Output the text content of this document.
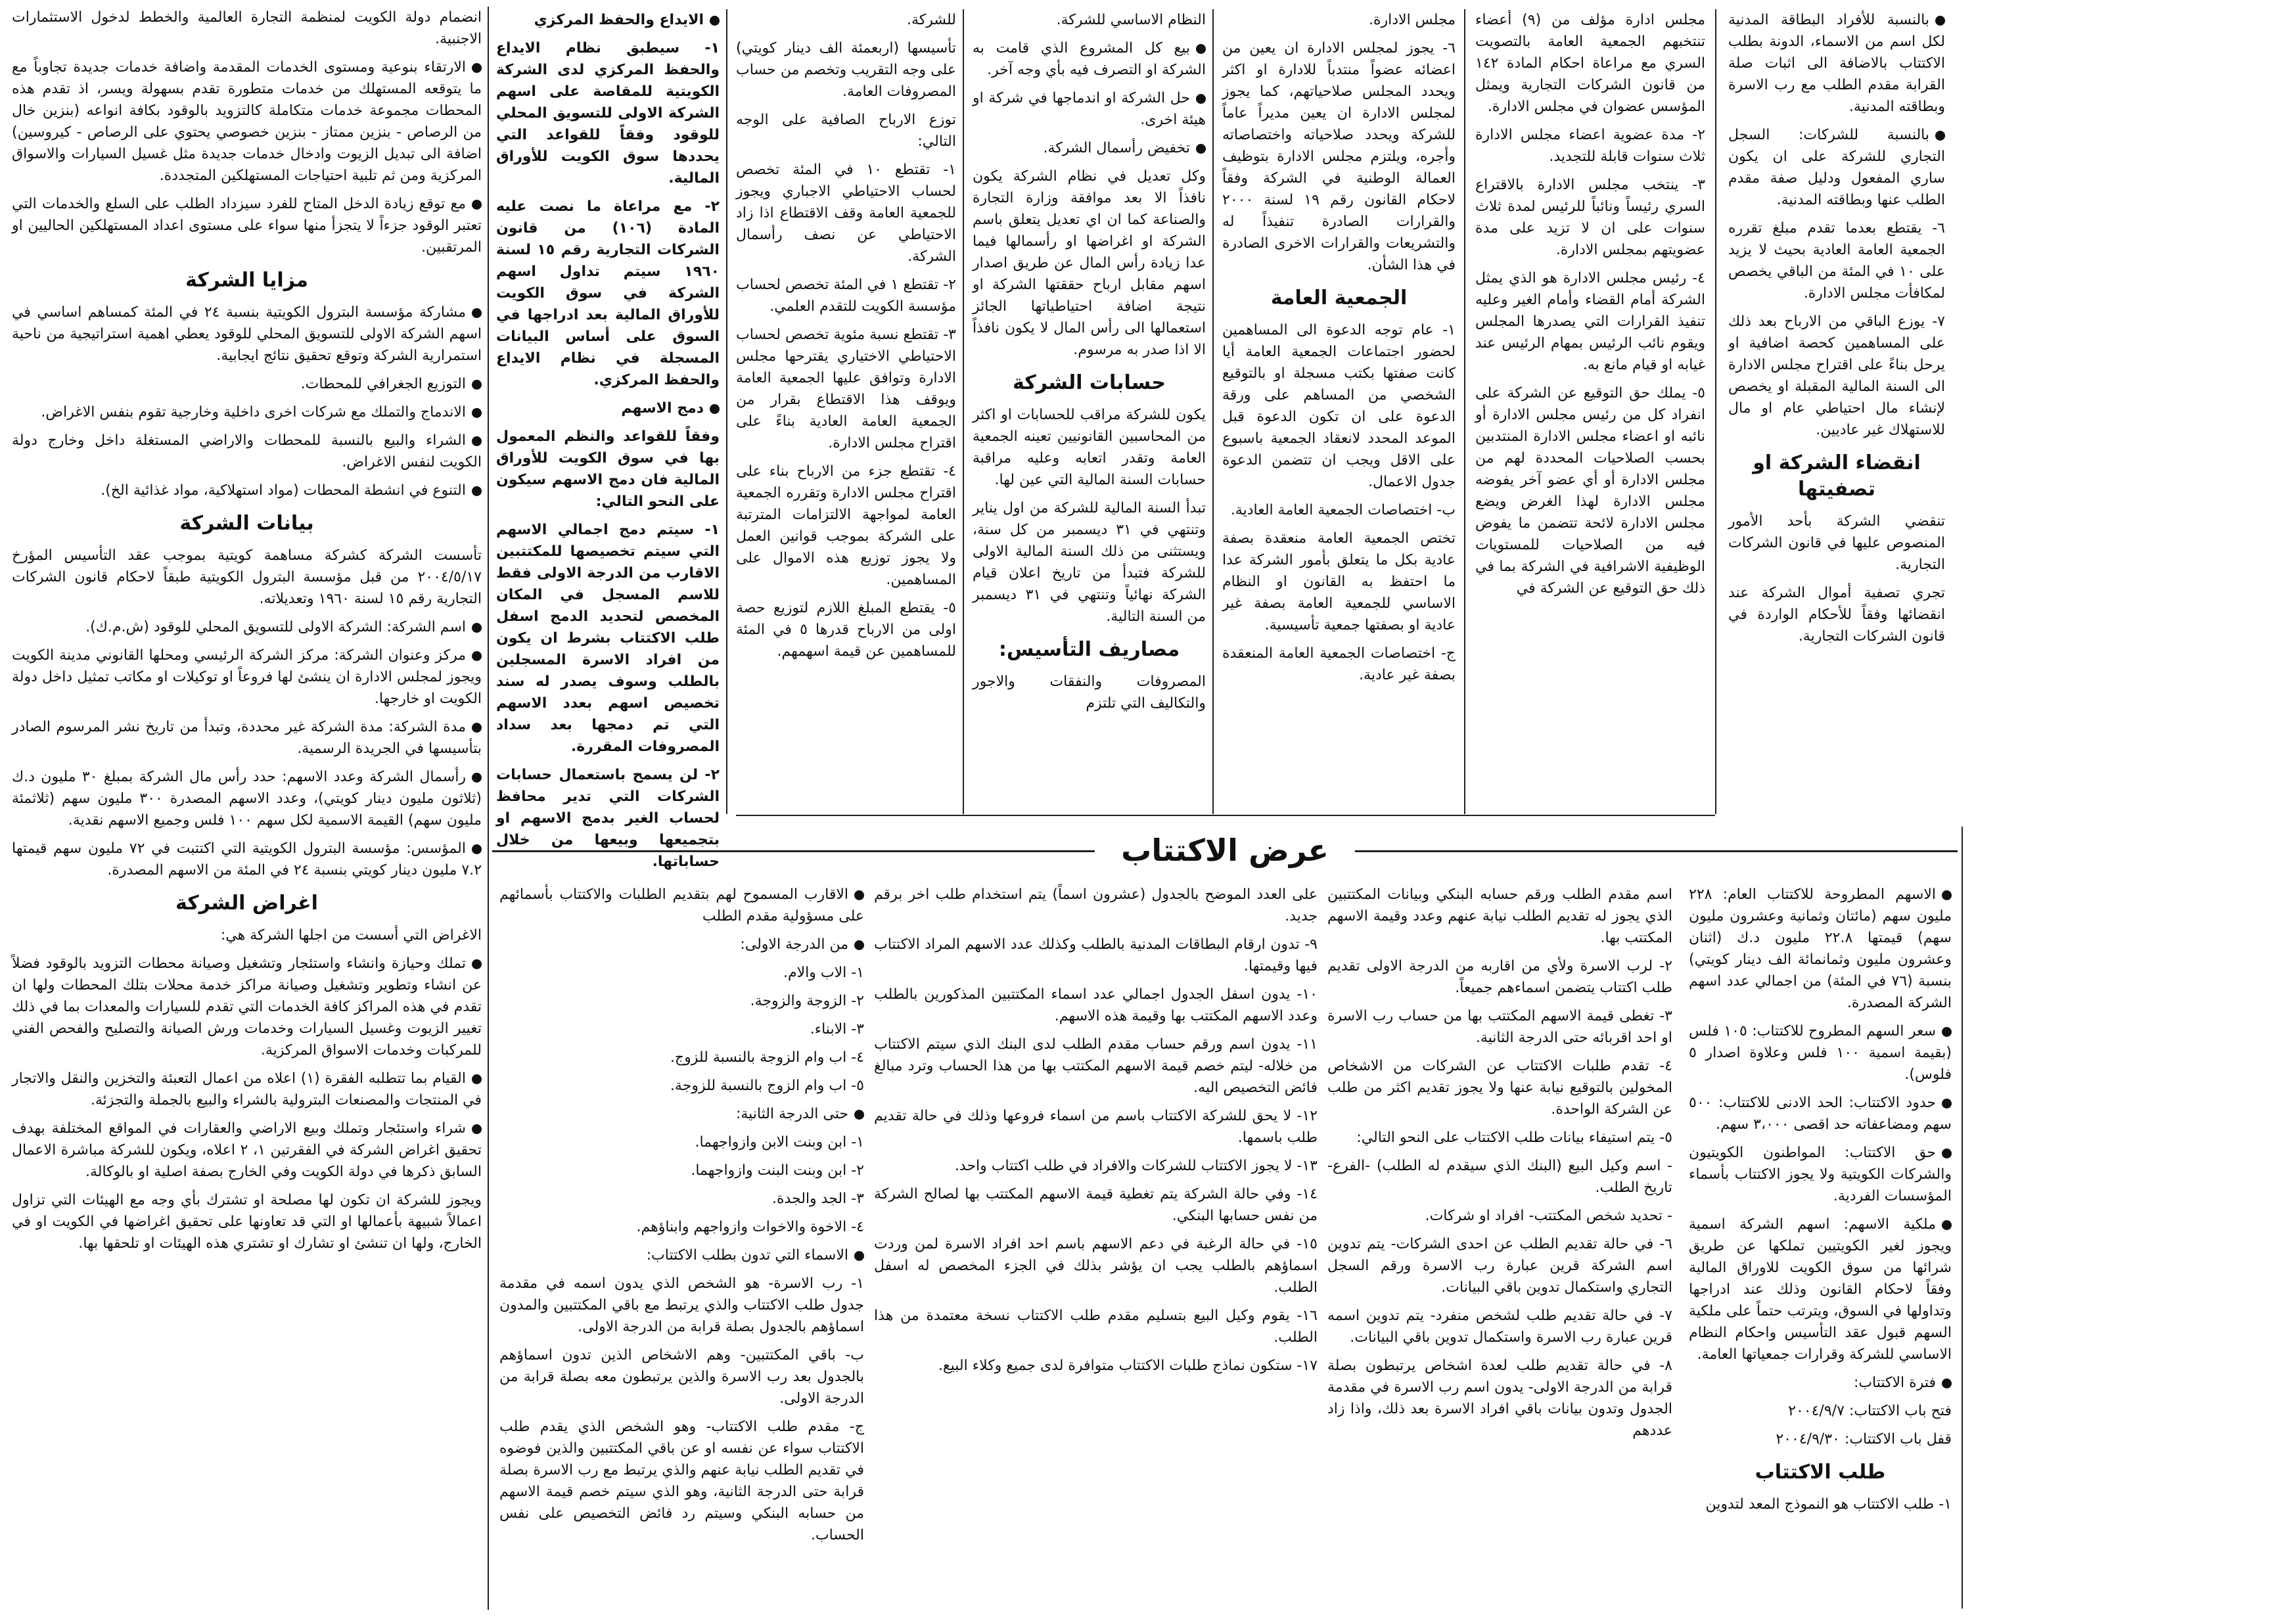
بالنسبة للأفراد البطاقة المدنية لكل اسم من الاسماء، الدونة بطلب الاكتتاب بالاضافة الى اثبات صلة القرابة مقدم الطلب مع رب الاسرة وبطاقته المدنية.

بالنسبة للشركات: السجل التجاري للشركة على ان يكون ساري المفعول ودليل صفة مقدم الطلب عنها وبطاقته المدنية.

٦- يقتطع بعدما تقدم مبلغ تقرره الجمعية العامة العادية بحيث لا يزيد على ١٠ في المئة من الباقي يخصص لمكافأت مجلس الادارة.

٧- يوزع الباقي من الارباح بعد ذلك على المساهمين كحصة اضافية او يرحل بناءً على اقتراح مجلس الادارة الى السنة المالية المقبلة او يخصص لإنشاء مال احتياطي عام او مال للاستهلاك غير عاديين.

انقضاء الشركة او تصفيتها

تنقضي الشركة بأحد الأمور المنصوص عليها في قانون الشركات التجارية.

تجري تصفية أموال الشركة عند انقضائها وفقاً للأحكام الواردة في قانون الشركات التجارية.

مجلس ادارة مؤلف من (٩) أعضاء تنتخبهم الجمعية العامة بالتصويت السري مع مراعاة احكام المادة ١٤٢ من قانون الشركات التجارية ويمثل المؤسس عضوان في مجلس الادارة.

٢- مدة عضوية اعضاء مجلس الادارة ثلاث سنوات قابلة للتجديد.

٣- ينتخب مجلس الادارة بالاقتراع السري رئيساً ونائباً للرئيس لمدة ثلاث سنوات على ان لا تزيد على مدة عضويتهم بمجلس الادارة.

٤- رئيس مجلس الادارة هو الذي يمثل الشركة أمام القضاء وأمام الغير وعليه تنفيذ القرارات التي يصدرها المجلس ويقوم نائب الرئيس بمهام الرئيس عند غيابه او قيام مانع به.

٥- يملك حق التوقيع عن الشركة على انفراد كل من رئيس مجلس الادارة أو نائبه او اعضاء مجلس الادارة المنتدبين بحسب الصلاحيات المحددة لهم من مجلس الادارة أو أي عضو آخر يفوضه مجلس الادارة لهذا الغرض ويضع مجلس الادارة لائحة تتضمن ما يفوض فيه من الصلاحيات للمستويات الوظيفية الاشرافية في الشركة بما في ذلك حق التوقيع عن الشركة في

مجلس الادارة.

٦- يجوز لمجلس الادارة ان يعين من اعضائه عضواً منتدباً للادارة او اكثر ويحدد المجلس صلاحياتهم، كما يجوز لمجلس الادارة ان يعين مديراً عاماً للشركة ويحدد صلاحياته واختصاصاته وأجره، ويلتزم مجلس الادارة بتوظيف العمالة الوطنية في الشركة وفقاً لاحكام القانون رقم ١٩ لسنة ٢٠٠٠ والقرارات الصادرة تنفيذاً له والتشريعات والقرارات الاخرى الصادرة في هذا الشأن.

الجمعية العامة

١- عام توجه الدعوة الى المساهمين لحضور اجتماعات الجمعية العامة أيا كانت صفتها بكتب مسجلة او بالتوقيع الشخصي من المساهم على ورقة الدعوة على ان تكون الدعوة قبل الموعد المحدد لانعقاد الجمعية باسبوع على الاقل ويجب ان تتضمن الدعوة جدول الاعمال.

ب- اختصاصات الجمعية العامة العادية.

تختص الجمعية العامة منعقدة بصفة عادية بكل ما يتعلق بأمور الشركة عدا ما احتفظ به القانون او النظام الاساسي للجمعية العامة بصفة غير عادية او بصفتها جمعية تأسيسية.

ج- اختصاصات الجمعية العامة المنعقدة بصفة غير عادية.

النظام الاساسي للشركة.

بيع كل المشروع الذي قامت به الشركة او التصرف فيه بأي وجه آخر.

حل الشركة او اندماجها في شركة او هيئة اخرى.

تخفيض رأسمال الشركة.

وكل تعديل في نظام الشركة يكون نافذاً الا بعد موافقة وزارة التجارة والصناعة كما ان اي تعديل يتعلق باسم الشركة او اغراضها او رأسمالها فيما عدا زيادة رأس المال عن طريق اصدار اسهم مقابل ارباح حققتها الشركة او نتيجة اضافة احتياطياتها الجائز استعمالها الى رأس المال لا يكون نافذاً الا اذا صدر به مرسوم.

حسابات الشركة

يكون للشركة مراقب للحسابات او اكثر من المحاسبين القانونيين تعينه الجمعية العامة وتقدر اتعابه وعليه مراقبة حسابات السنة المالية التي عين لها.

تبدأ السنة المالية للشركة من اول يناير وتنتهي في ٣١ ديسمبر من كل سنة، ويستثنى من ذلك السنة المالية الاولى للشركة فتبدأ من تاريخ اعلان قيام الشركة نهائياً وتنتهي في ٣١ ديسمبر من السنة التالية.

مصاريف التأسيس:

المصروفات والنفقات والاجور والتكاليف التي تلتزم

للشركة.

تأسيسها (اربعمئة الف دينار كويتي) على وجه التقريب وتخصم من حساب المصروفات العامة.

توزع الارباح الصافية على الوجه التالي:

١- تقتطع ١٠ في المئة تخصص لحساب الاحتياطي الاجباري ويجوز للجمعية العامة وقف الاقتطاع اذا زاد الاحتياطي عن نصف رأسمال الشركة.

٢- تقتطع ١ في المئة تخصص لحساب مؤسسة الكويت للتقدم العلمي.

٣- تقتطع نسبة مئوية تخصص لحساب الاحتياطي الاختياري يقترحها مجلس الادارة وتوافق عليها الجمعية العامة ويوقف هذا الاقتطاع بقرار من الجمعية العامة العادية بناءً على اقتراح مجلس الادارة.

٤- تقتطع جزء من الارباح بناء على اقتراح مجلس الادارة وتقرره الجمعية العامة لمواجهة الالتزامات المترتبة على الشركة بموجب قوانين العمل ولا يجوز توزيع هذه الاموال على المساهمين.

٥- يقتطع المبلغ اللازم لتوزيع حصة اولى من الارباح قدرها ٥ في المئة للمساهمين عن قيمة اسهمهم.

الايداع والحفظ المركزي

١- سيطبق نظام الايداع والحفظ المركزي لدى الشركة الكويتية للمقاصة على اسهم الشركة الاولى للتسويق المحلي للوقود وفقاً للقواعد التي يحددها سوق الكويت للأوراق المالية.

٢- مع مراعاة ما نصت عليه المادة (١٠٦) من قانون الشركات التجارية رقم ١٥ لسنة ١٩٦٠ سيتم تداول اسهم الشركة في سوق الكويت للأوراق المالية بعد ادراجها في السوق على أساس البيانات المسجلة في نظام الايداع والحفظ المركزي.

دمج الاسهم

وفقاً للقواعد والنظم المعمول بها في سوق الكويت للأوراق المالية فان دمج الاسهم سيكون على النحو التالي:

١- سيتم دمج اجمالي الاسهم التي سيتم تخصيصها للمكتتبين الاقارب من الدرجة الاولى فقط للاسم المسجل في المكان المخصص لتحديد الدمج اسفل طلب الاكتتاب بشرط ان يكون من افراد الاسرة المسجلين بالطلب وسوف يصدر له سند تخصيص اسهم بعدد الاسهم التي تم دمجها بعد سداد المصروفات المقررة.

٢- لن يسمح باستعمال حسابات الشركات التي تدير محافظ لحساب الغير بدمج الاسهم او بتجميعها وبيعها من خلال حساباتها.

انضمام دولة الكويت لمنظمة التجارة العالمية والخطط لدخول الاستثمارات الاجنبية.

الارتقاء بنوعية ومستوى الخدمات المقدمة واضافة خدمات جديدة تجاوباً مع ما يتوقعه المستهلك من خدمات متطورة تقدم بسهولة ويسر، اذ تقدم هذه المحطات مجموعة خدمات متكاملة كالتزويد بالوقود بكافة انواعه (بنزين خال من الرصاص - بنزين ممتاز - بنزين خصوصي يحتوي على الرصاص - كيروسين) اضافة الى تبديل الزيوت وادخال خدمات جديدة مثل غسيل السيارات والاسواق المركزية ومن ثم تلبية احتياجات المستهلكين المتجددة.

مع توقع زيادة الدخل المتاح للفرد سيزداد الطلب على السلع والخدمات التي تعتبر الوقود جزءاً لا يتجزأ منها سواء على مستوى اعداد المستهلكين الحاليين او المرتقبين.

مزايا الشركة

مشاركة مؤسسة البترول الكويتية بنسبة ٢٤ في المئة كمساهم اساسي في اسهم الشركة الاولى للتسويق المحلي للوقود يعطي اهمية استراتيجية من ناحية استمرارية الشركة وتوقع تحقيق نتائج ايجابية.

التوزيع الجغرافي للمحطات.

الاندماج والتملك مع شركات اخرى داخلية وخارجية تقوم بنفس الاغراض.

الشراء والبيع بالنسبة للمحطات والاراضي المستغلة داخل وخارج دولة الكويت لنفس الاغراض.

التنوع في انشطة المحطات (مواد استهلاكية، مواد غذائية الخ).

بيانات الشركة

تأسست الشركة كشركة مساهمة كويتية بموجب عقد التأسيس المؤرخ ٢٠٠٤/٥/١٧ من قبل مؤسسة البترول الكويتية طبقاً لاحكام قانون الشركات التجارية رقم ١٥ لسنة ١٩٦٠ وتعديلاته.

اسم الشركة: الشركة الاولى للتسويق المحلي للوقود (ش.م.ك).

مركز وعنوان الشركة: مركز الشركة الرئيسي ومحلها القانوني مدينة الكويت ويجوز لمجلس الادارة ان ينشئ لها فروعاً او توكيلات او مكاتب تمثيل داخل دولة الكويت او خارجها.

مدة الشركة: مدة الشركة غير محددة، وتبدأ من تاريخ نشر المرسوم الصادر بتأسيسها في الجريدة الرسمية.

رأسمال الشركة وعدد الاسهم: حدد رأس مال الشركة بمبلغ ٣٠ مليون د.ك (ثلاثون مليون دينار كويتي)، وعدد الاسهم المصدرة ٣٠٠ مليون سهم (ثلاثمئة مليون سهم) القيمة الاسمية لكل سهم ١٠٠ فلس وجميع الاسهم نقدية.

المؤسس: مؤسسة البترول الكويتية التي اكتتبت في ٧٢ مليون سهم قيمتها ٧.٢ مليون دينار كويتي بنسبة ٢٤ في المئة من الاسهم المصدرة.

اغراض الشركة

الاغراض التي أسست من اجلها الشركة هي:

تملك وحيازة وانشاء واستئجار وتشغيل وصيانة محطات التزويد بالوقود فضلاً عن انشاء وتطوير وتشغيل وصيانة مراكز خدمة محلات بتلك المحطات ولها ان تقدم في هذه المراكز كافة الخدمات التي تقدم للسيارات والمعدات بما في ذلك تغيير الزيوت وغسيل السيارات وخدمات ورش الصيانة والتصليح والفحص الفني للمركبات وخدمات الاسواق المركزية.

القيام بما تتطلبه الفقرة (١) اعلاه من اعمال التعبئة والتخزين والنقل والاتجار في المنتجات والمصنعات البترولية بالشراء والبيع بالجملة والتجزئة.

شراء واستئجار وتملك وبيع الاراضي والعقارات في المواقع المختلفة بهدف تحقيق اغراض الشركة في الفقرتين ١، ٢ اعلاه، ويكون للشركة مباشرة الاعمال السابق ذكرها في دولة الكويت وفي الخارج بصفة اصلية او بالوكالة.

ويجوز للشركة ان تكون لها مصلحة او تشترك بأي وجه مع الهيئات التي تزاول اعمالاً شبيهة بأعمالها او التي قد تعاونها على تحقيق اغراضها في الكويت او في الخارج، ولها ان تنشئ او تشارك او تشتري هذه الهيئات او تلحقها بها.

عرض الاكتتاب

الاسهم المطروحة للاكتتاب العام: ٢٢٨ مليون سهم (مائتان وثمانية وعشرون مليون سهم) قيمتها ٢٢.٨ مليون د.ك (اثنان وعشرون مليون وثمانمائة الف دينار كويتي) بنسبة (٧٦ في المئة) من اجمالي عدد اسهم الشركة المصدرة.

سعر السهم المطروح للاكتتاب: ١٠٥ فلس (بقيمة اسمية ١٠٠ فلس وعلاوة اصدار ٥ فلوس).

حدود الاكتتاب: الحد الادنى للاكتتاب: ٥٠٠ سهم ومضاعفاته حد اقصى ٣،٠٠٠ سهم.

حق الاكتتاب: المواطنون الكويتيون والشركات الكويتية ولا يجوز الاكتتاب بأسماء المؤسسات الفردية.

ملكية الاسهم: اسهم الشركة اسمية ويجوز لغير الكويتيين تملكها عن طريق شرائها من سوق الكويت للاوراق المالية وفقاً لاحكام القانون وذلك عند ادراجها وتداولها في السوق، ويترتب حتماً على ملكية السهم قبول عقد التأسيس واحكام النظام الاساسي للشركة وقرارات جمعياتها العامة.

فترة الاكتتاب:

فتح باب الاكتتاب: ٢٠٠٤/٩/٧

قفل باب الاكتتاب: ٢٠٠٤/٩/٣٠

طلب الاكتتاب

١- طلب الاكتتاب هو النموذج المعد لتدوين

اسم مقدم الطلب ورقم حسابه البنكي وبيانات المكتتبين الذي يجوز له تقديم الطلب نيابة عنهم وعدد وقيمة الاسهم المكتتب بها.

٢- لرب الاسرة ولأي من اقاربه من الدرجة الاولى تقديم طلب اكتتاب يتضمن اسماءهم جميعاً.

٣- تغطى قيمة الاسهم المكتتب بها من حساب رب الاسرة او احد اقربائه حتى الدرجة الثانية.

٤- تقدم طلبات الاكتتاب عن الشركات من الاشخاص المخولين بالتوقيع نيابة عنها ولا يجوز تقديم اكثر من طلب عن الشركة الواحدة.

٥- يتم استيفاء بيانات طلب الاكتتاب على النحو التالي:

- اسم وكيل البيع (البنك الذي سيقدم له الطلب) -الفرع- تاريخ الطلب.

- تحديد شخص المكتتب- افراد او شركات.

٦- في حالة تقديم الطلب عن احدى الشركات- يتم تدوين اسم الشركة قرين عبارة رب الاسرة ورقم السجل التجاري واستكمال تدوين باقي البيانات.

٧- في حالة تقديم طلب لشخص منفرد- يتم تدوين اسمه قرين عبارة رب الاسرة واستكمال تدوين باقي البيانات.

٨- في حالة تقديم طلب لعدة اشخاص يرتبطون بصلة قرابة من الدرجة الاولى- يدون اسم رب الاسرة في مقدمة الجدول وتدون بيانات باقي افراد الاسرة بعد ذلك، واذا زاد عددهم

على العدد الموضح بالجدول (عشرون اسماً) يتم استخدام طلب اخر برقم جديد.

٩- تدون ارقام البطاقات المدنية بالطلب وكذلك عدد الاسهم المراد الاكتتاب فيها وقيمتها.

١٠- يدون اسفل الجدول اجمالي عدد اسماء المكتتبين المذكورين بالطلب وعدد الاسهم المكتتب بها وقيمة هذه الاسهم.

١١- يدون اسم ورقم حساب مقدم الطلب لدى البنك الذي سيتم الاكتتاب من خلاله- ليتم خصم قيمة الاسهم المكتتب بها من هذا الحساب وترد مبالغ فائض التخصيص اليه.

١٢- لا يحق للشركة الاكتتاب باسم من اسماء فروعها وذلك في حالة تقديم طلب باسمها.

١٣- لا يجوز الاكتتاب للشركات والافراد في طلب اكتتاب واحد.

١٤- وفي حالة الشركة يتم تغطية قيمة الاسهم المكتتب بها لصالح الشركة من نفس حسابها البنكي.

١٥- في حالة الرغبة في دعم الاسهم باسم احد افراد الاسرة لمن وردت اسماؤهم بالطلب يجب ان يؤشر بذلك في الجزء المخصص له اسفل الطلب.

١٦- يقوم وكيل البيع بتسليم مقدم طلب الاكتتاب نسخة معتمدة من هذا الطلب.

١٧- ستكون نماذج طلبات الاكتتاب متوافرة لدى جميع وكلاء البيع.

الاقارب المسموح لهم بتقديم الطلبات والاكتتاب بأسمائهم على مسؤولية مقدم الطلب

من الدرجة الاولى:

١- الاب والام.

٢- الزوجة والزوجة.

٣- الابناء.

٤- اب وام الزوجة بالنسبة للزوج.

٥- اب وام الزوج بالنسبة للزوجة.

حتى الدرجة الثانية:

١- ابن وبنت الابن وازواجهما.

٢- ابن وبنت البنت وازواجهما.

٣- الجد والجدة.

٤- الاخوة والاخوات وازواجهم وابناؤهم.

الاسماء التي تدون بطلب الاكتتاب:

١- رب الاسرة- هو الشخص الذي يدون اسمه في مقدمة جدول طلب الاكتتاب والذي يرتبط مع باقي المكتتبين والمدون اسماؤهم بالجدول بصلة قرابة من الدرجة الاولى.

ب- باقي المكتتبين- وهم الاشخاص الذين تدون اسماؤهم بالجدول بعد رب الاسرة والذين يرتبطون معه بصلة قرابة من الدرجة الاولى.

ج- مقدم طلب الاكتتاب- وهو الشخص الذي يقدم طلب الاكتتاب سواء عن نفسه او عن باقي المكتتبين والذين فوضوه في تقديم الطلب نيابة عنهم والذي يرتبط مع رب الاسرة بصلة قرابة حتى الدرجة الثانية، وهو الذي سيتم خصم قيمة الاسهم من حسابه البنكي وسيتم رد فائض التخصيص على نفس الحساب.
